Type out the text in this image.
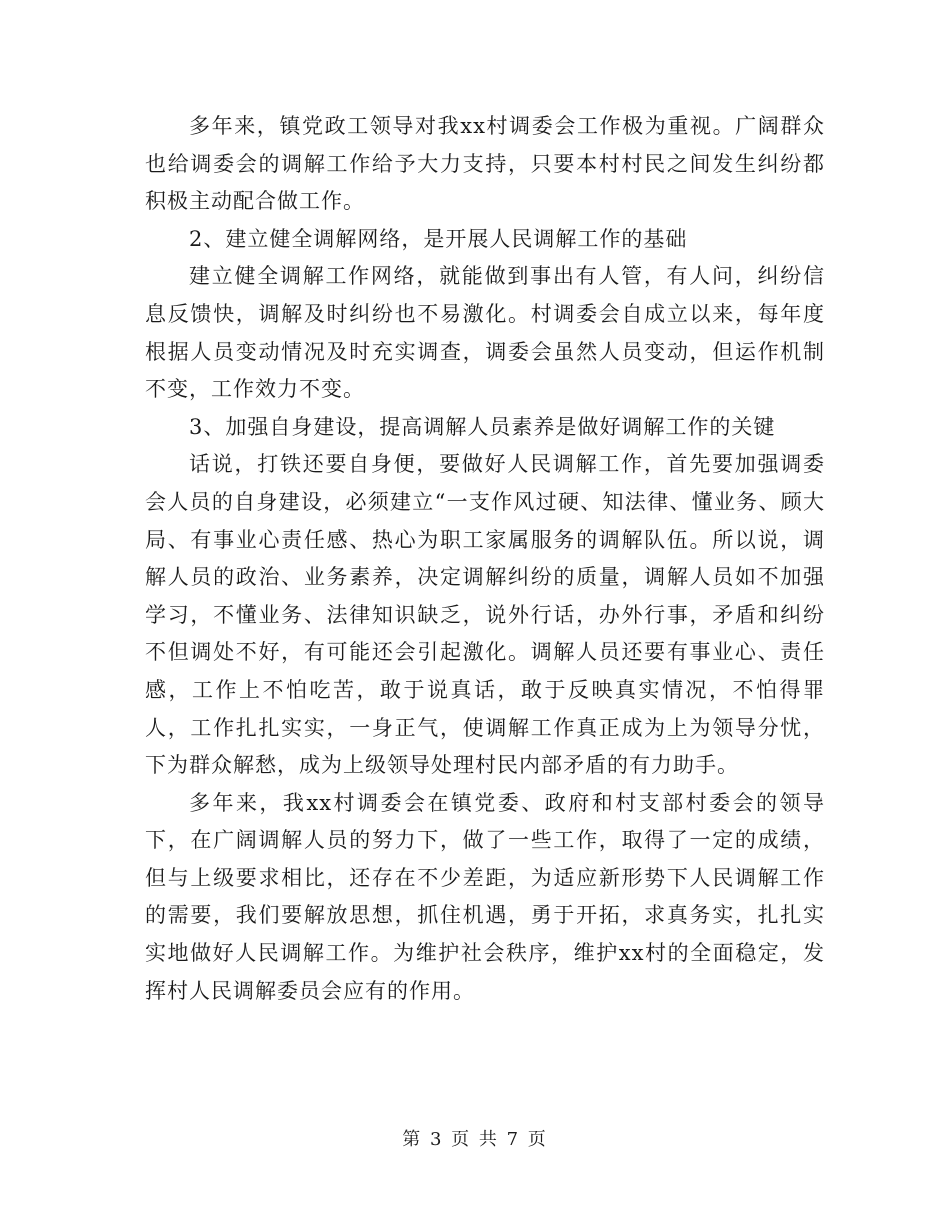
多年来，镇党政工领导对我xx村调委会工作极为重视。广阔群众也给调委会的调解工作给予大力支持，只要本村村民之间发生纠纷都积极主动配合做工作。

2、建立健全调解网络，是开展人民调解工作的基础

建立健全调解工作网络，就能做到事出有人管，有人问，纠纷信息反馈快，调解及时纠纷也不易激化。村调委会自成立以来，每年度根据人员变动情况及时充实调查，调委会虽然人员变动，但运作机制不变，工作效力不变。

3、加强自身建设，提高调解人员素养是做好调解工作的关键

话说，打铁还要自身便，要做好人民调解工作，首先要加强调委会人员的自身建设，必须建立“一支作风过硬、知法律、懂业务、顾大局、有事业心责任感、热心为职工家属服务的调解队伍。所以说，调解人员的政治、业务素养，决定调解纠纷的质量，调解人员如不加强学习，不懂业务、法律知识缺乏，说外行话，办外行事，矛盾和纠纷不但调处不好，有可能还会引起激化。调解人员还要有事业心、责任感，工作上不怕吃苦，敢于说真话，敢于反映真实情况，不怕得罪人，工作扎扎实实，一身正气，使调解工作真正成为上为领导分忧，下为群众解愁，成为上级领导处理村民内部矛盾的有力助手。

多年来，我xx村调委会在镇党委、政府和村支部村委会的领导下，在广阔调解人员的努力下，做了一些工作，取得了一定的成绩，但与上级要求相比，还存在不少差距，为适应新形势下人民调解工作的需要，我们要解放思想，抓住机遇，勇于开拓，求真务实，扎扎实实地做好人民调解工作。为维护社会秩序，维护xx村的全面稳定，发挥村人民调解委员会应有的作用。

第 3 页 共 7 页
